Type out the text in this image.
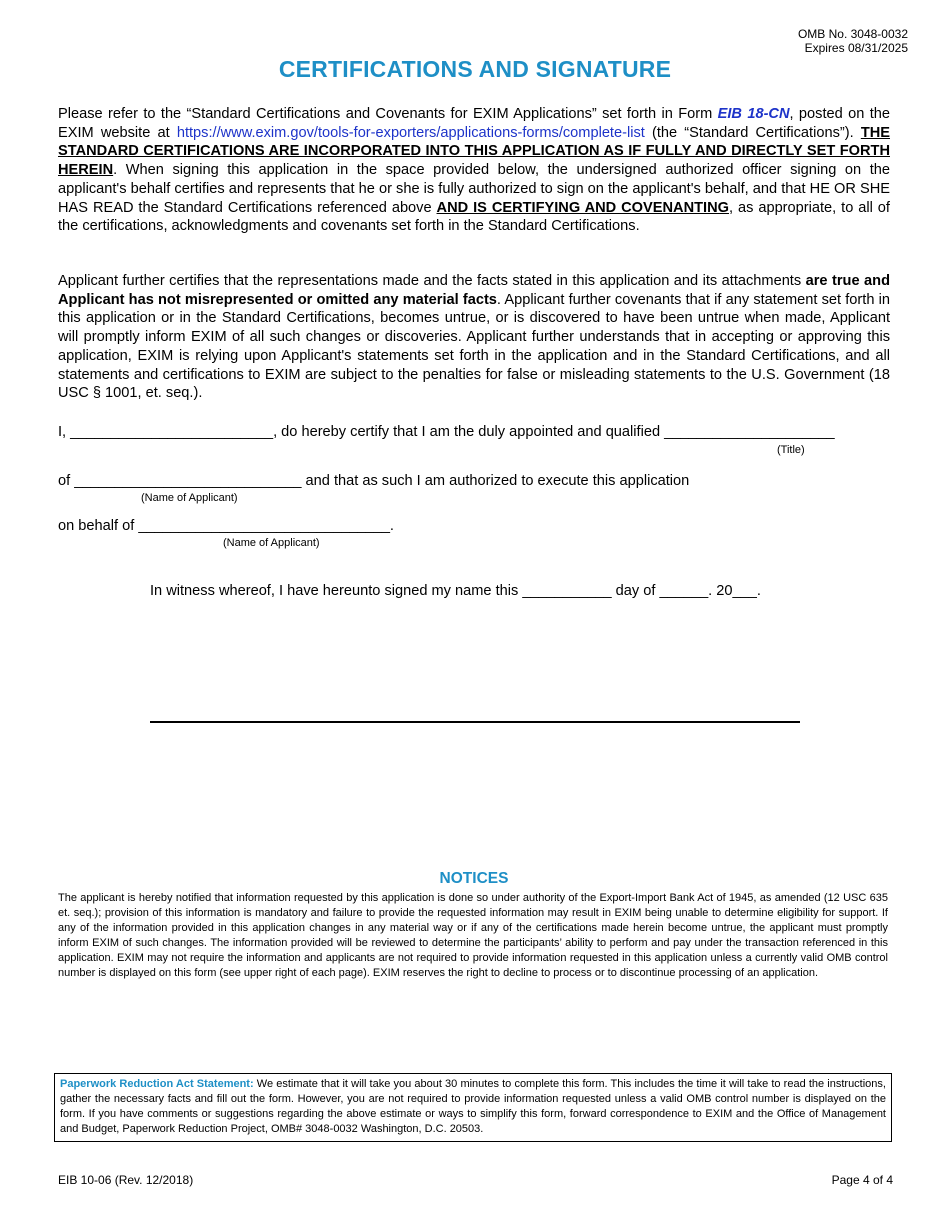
OMB No. 3048-0032
Expires 08/31/2025
CERTIFICATIONS AND SIGNATURE
Please refer to the “Standard Certifications and Covenants for EXIM Applications” set forth in Form EIB 18-CN, posted on the EXIM website at https://www.exim.gov/tools-for-exporters/applications-forms/complete-list (the “Standard Certifications”). THE STANDARD CERTIFICATIONS ARE INCORPORATED INTO THIS APPLICATION AS IF FULLY AND DIRECTLY SET FORTH HEREIN. When signing this application in the space provided below, the undersigned authorized officer signing on the applicant's behalf certifies and represents that he or she is fully authorized to sign on the applicant's behalf, and that HE OR SHE HAS READ the Standard Certifications referenced above AND IS CERTIFYING AND COVENANTING, as appropriate, to all of the certifications, acknowledgments and covenants set forth in the Standard Certifications.
Applicant further certifies that the representations made and the facts stated in this application and its attachments are true and Applicant has not misrepresented or omitted any material facts. Applicant further covenants that if any statement set forth in this application or in the Standard Certifications, becomes untrue, or is discovered to have been untrue when made, Applicant will promptly inform EXIM of all such changes or discoveries. Applicant further understands that in accepting or approving this application, EXIM is relying upon Applicant's statements set forth in the application and in the Standard Certifications, and all statements and certifications to EXIM are subject to the penalties for false or misleading statements to the U.S. Government (18 USC § 1001, et. seq.).
I, _________________________, do hereby certify that I am the duly appointed and qualified _____________________
(Title)
of ____________________________ and that as such I am authorized to execute this application
(Name of Applicant)
on behalf of _______________________________.
(Name of Applicant)
In witness whereof, I have hereunto signed my name this ___________ day of ______. 20___.
NOTICES
The applicant is hereby notified that information requested by this application is done so under authority of the Export-Import Bank Act of 1945, as amended (12 USC 635 et. seq.); provision of this information is mandatory and failure to provide the requested information may result in EXIM being unable to determine eligibility for support. If any of the information provided in this application changes in any material way or if any of the certifications made herein become untrue, the applicant must promptly inform EXIM of such changes. The information provided will be reviewed to determine the participants’ ability to perform and pay under the transaction referenced in this application. EXIM may not require the information and applicants are not required to provide information requested in this application unless a currently valid OMB control number is displayed on this form (see upper right of each page). EXIM reserves the right to decline to process or to discontinue processing of an application.
Paperwork Reduction Act Statement: We estimate that it will take you about 30 minutes to complete this form. This includes the time it will take to read the instructions, gather the necessary facts and fill out the form. However, you are not required to provide information requested unless a valid OMB control number is displayed on the form. If you have comments or suggestions regarding the above estimate or ways to simplify this form, forward correspondence to EXIM and the Office of Management and Budget, Paperwork Reduction Project, OMB# 3048-0032 Washington, D.C. 20503.
EIB 10-06 (Rev. 12/2018)	Page 4 of 4
